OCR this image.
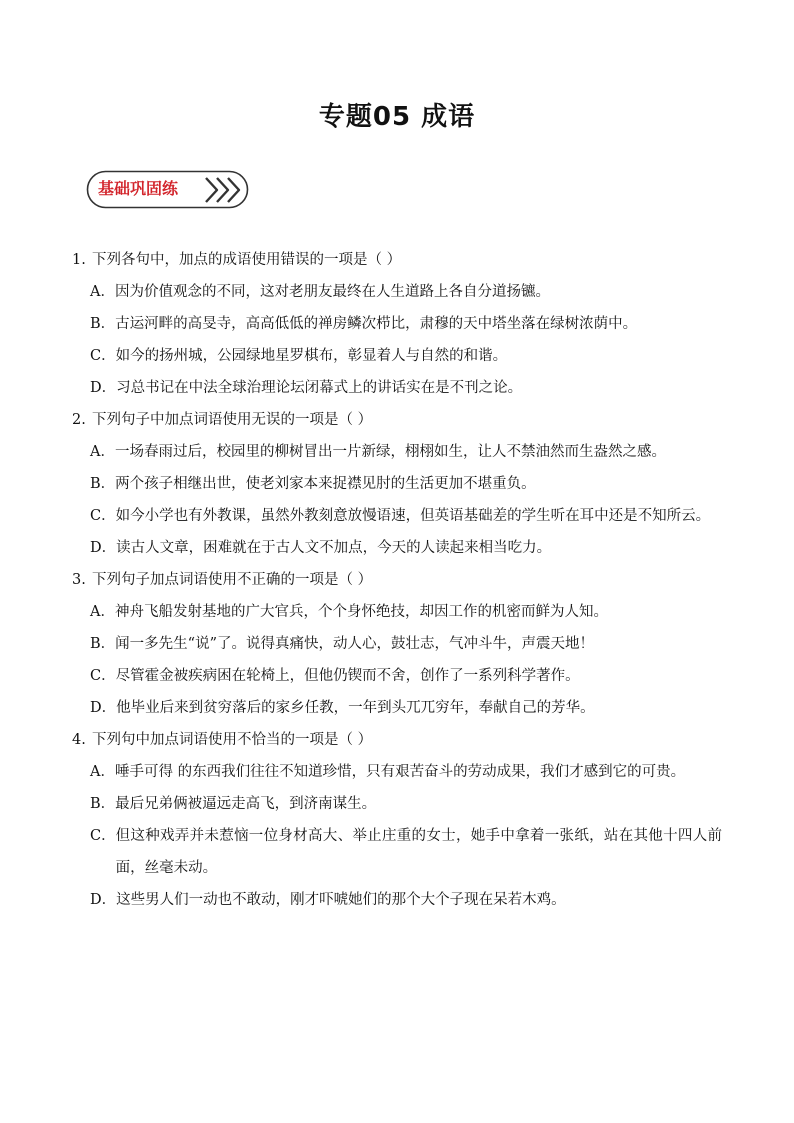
专题05 成语
基础巩固练
1. 下列各句中，加点的成语使用错误的一项是（ ）
A． 因为价值观念的不同，这对老朋友最终在人生道路上各自分道扬镳。
B． 古运河畔的高旻寺，高高低低的禅房鳞次栉比，肃穆的天中塔坐落在绿树浓荫中。
C． 如今的扬州城，公园绿地星罗棋布，彰显着人与自然的和谐。
D． 习总书记在中法全球治理论坛闭幕式上的讲话实在是不刊之论。
2. 下列句子中加点词语使用无误的一项是（ ）
A． 一场春雨过后，校园里的柳树冒出一片新绿，栩栩如生，让人不禁油然而生盎然之感。
B． 两个孩子相继出世，使老刘家本来捉襟见肘的生活更加不堪重负。
C． 如今小学也有外教课，虽然外教刻意放慢语速，但英语基础差的学生听在耳中还是不知所云。
D． 读古人文章，困难就在于古人文不加点，今天的人读起来相当吃力。
3. 下列句子加点词语使用不正确的一项是（ ）
A． 神舟飞船发射基地的广大官兵，个个身怀绝技，却因工作的机密而鲜为人知。
B． 闻一多先生“说”了。说得真痛快，动人心，鼓壮志，气冲斗牛，声震天地！
C． 尽管霍金被疾病困在轮椅上，但他仍锲而不舍，创作了一系列科学著作。
D． 他毕业后来到贫穷落后的家乡任教，一年到头兀兀穷年，奉献自己的芳华。
4. 下列句中加点词语使用不恰当的一项是（ ）
A． 唾手可得 的东西我们往往不知道珍惜，只有艰苦奋斗的劳动成果，我们才感到它的可贵。
B． 最后兄弟俩被逼远走高飞，到济南谋生。
C． 但这种戏弄并未惹恼一位身材高大、举止庄重的女士，她手中拿着一张纸，站在其他十四人前面，丝毫未动。
D． 这些男人们一动也不敢动，刚才吓唬她们的那个大个子现在呆若木鸡。
